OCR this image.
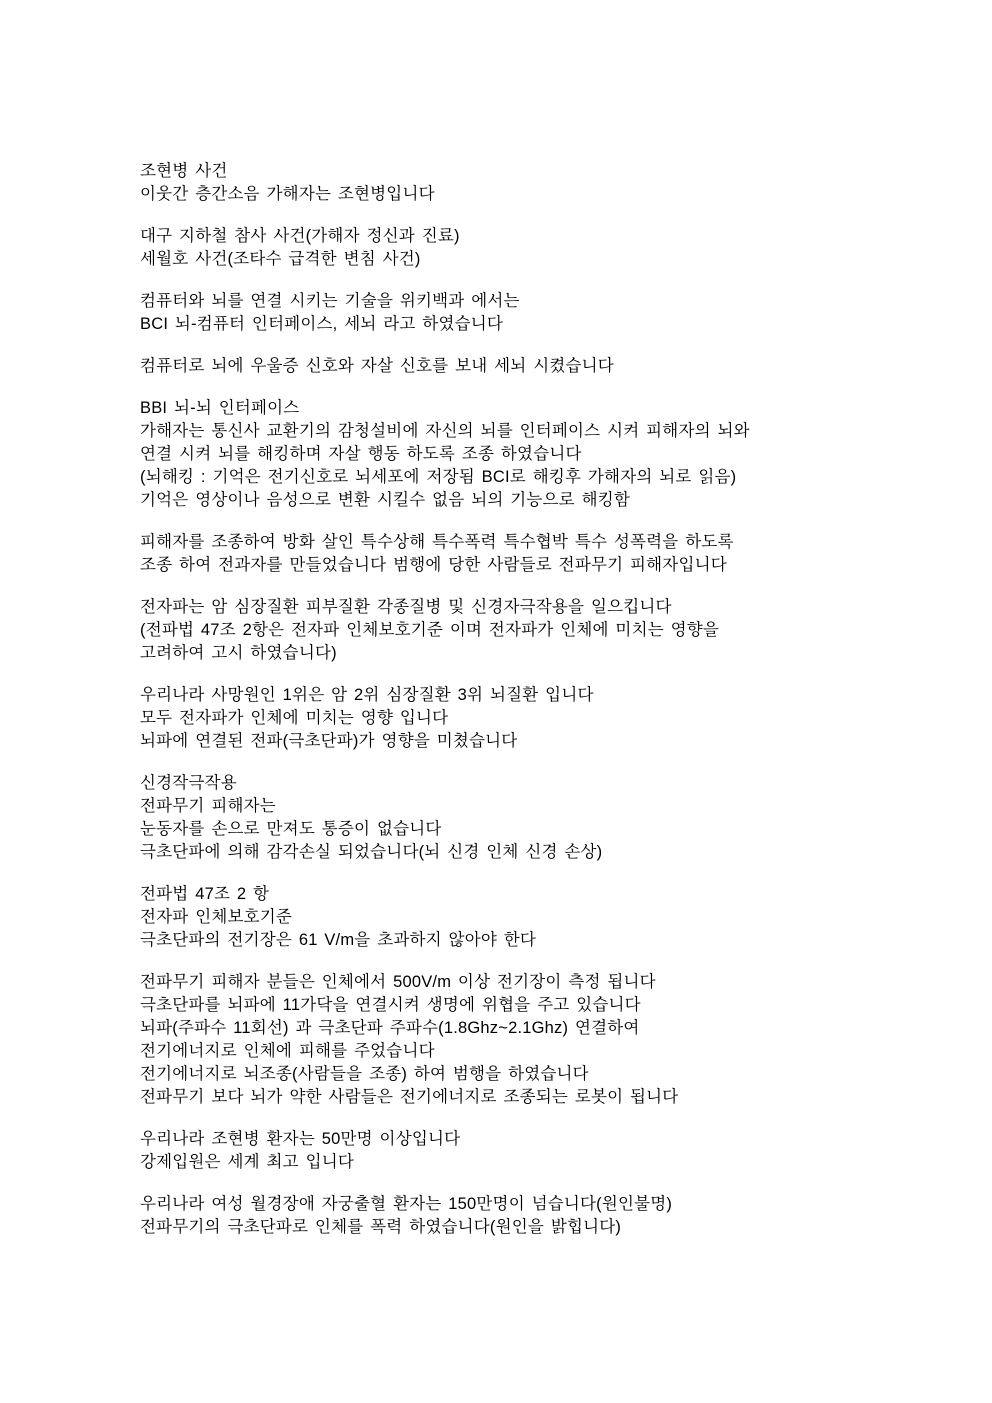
조현병 사건
이웃간 층간소음 가해자는 조현병입니다

대구 지하철 참사 사건(가해자 정신과 진료)
세월호 사건(조타수 급격한 변침 사건)

컴퓨터와 뇌를 연결 시키는 기술을 위키백과 에서는
BCI 뇌-컴퓨터 인터페이스, 세뇌 라고 하였습니다

컴퓨터로 뇌에 우울증 신호와 자살 신호를 보내 세뇌 시켰습니다

BBI 뇌-뇌 인터페이스
가해자는 통신사 교환기의 감청설비에 자신의 뇌를 인터페이스 시켜 피해자의 뇌와
연결 시켜 뇌를 해킹하며 자살 행동 하도록 조종 하였습니다
(뇌해킹 : 기억은 전기신호로 뇌세포에 저장됨 BCI로 해킹후 가해자의 뇌로 읽음)
기억은 영상이나 음성으로 변환 시킬수 없음 뇌의 기능으로 해킹함

피해자를 조종하여 방화 살인 특수상해 특수폭력 특수협박 특수 성폭력을 하도록
조종 하여 전과자를 만들었습니다 범행에 당한 사람들로 전파무기 피해자입니다

전자파는 암 심장질환 피부질환 각종질병 및 신경자극작용을 일으킵니다
(전파법 47조 2항은 전자파 인체보호기준 이며 전자파가 인체에 미치는 영향을
고려하여 고시 하였습니다)

우리나라 사망원인 1위은 암 2위 심장질환 3위 뇌질환 입니다
모두 전자파가 인체에 미치는 영향 입니다
뇌파에 연결된 전파(극초단파)가 영향을 미쳤습니다

신경작극작용
전파무기 피해자는
눈동자를 손으로 만져도 통증이 없습니다
극초단파에 의해 감각손실 되었습니다(뇌 신경 인체 신경 손상)

전파법 47조 2 항
전자파 인체보호기준
극초단파의 전기장은 61 V/m을 초과하지 않아야 한다

전파무기 피해자 분들은 인체에서 500V/m 이상 전기장이 측정 됩니다
극초단파를 뇌파에 11가닥을 연결시켜 생명에 위협을 주고 있습니다
뇌파(주파수 11회선) 과 극초단파 주파수(1.8Ghz~2.1Ghz) 연결하여
전기에너지로 인체에 피해를 주었습니다
전기에너지로 뇌조종(사람들을 조종) 하여 범행을 하였습니다
전파무기 보다 뇌가 약한 사람들은 전기에너지로 조종되는 로봇이 됩니다

우리나라 조현병 환자는 50만명 이상입니다
강제입원은 세계 최고 입니다

우리나라 여성 월경장애 자궁출혈 환자는 150만명이 넘습니다(원인불명)
전파무기의 극초단파로 인체를 폭력 하였습니다(원인을 밝힙니다)
